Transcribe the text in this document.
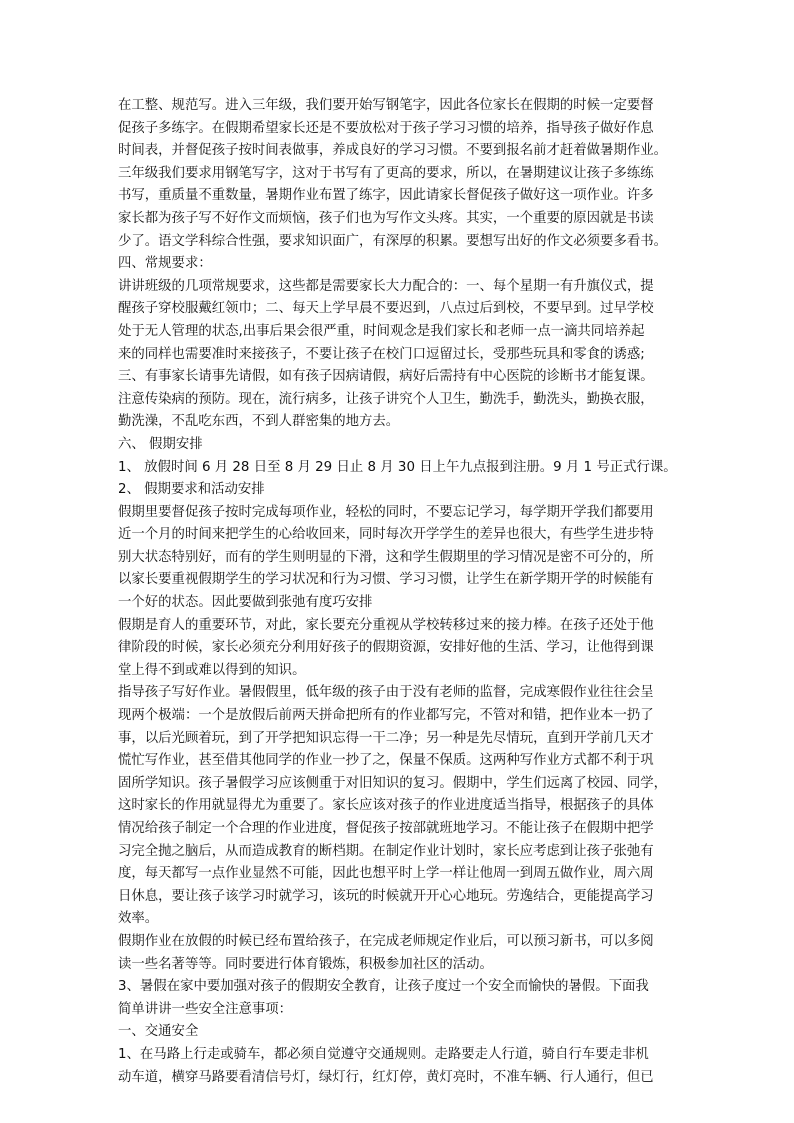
在工整、规范写。进入三年级，我们要开始写钢笔字，因此各位家长在假期的时候一定要督
促孩子多练字。在假期希望家长还是不要放松对于孩子学习习惯的培养，指导孩子做好作息
时间表，并督促孩子按时间表做事，养成良好的学习习惯。不要到报名前才赶着做暑期作业。
三年级我们要求用钢笔写字，这对于书写有了更高的要求，所以，在暑期建议让孩子多练练
书写，重质量不重数量，暑期作业布置了练字，因此请家长督促孩子做好这一项作业。许多
家长都为孩子写不好作文而烦恼，孩子们也为写作文头疼。其实，一个重要的原因就是书读
少了。语文学科综合性强，要求知识面广，有深厚的积累。要想写出好的作文必须要多看书。
四、常规要求：
讲讲班级的几项常规要求，这些都是需要家长大力配合的：一、每个星期一有升旗仪式，提
醒孩子穿校服戴红领巾；二、每天上学早晨不要迟到，八点过后到校，不要早到。过早学校
处于无人管理的状态,出事后果会很严重，时间观念是我们家长和老师一点一滴共同培养起
来的同样也需要准时来接孩子，不要让孩子在校门口逗留过长，受那些玩具和零食的诱惑;
三、有事家长请事先请假，如有孩子因病请假，病好后需持有中心医院的诊断书才能复课。
注意传染病的预防。现在，流行病多，让孩子讲究个人卫生，勤洗手，勤洗头，勤换衣服，
勤洗澡，不乱吃东西，不到人群密集的地方去。
六、 假期安排
1、 放假时间 6 月 28 日至 8 月 29 日止 8 月 30 日上午九点报到注册。9 月 1 号正式行课。
2、 假期要求和活动安排
假期里要督促孩子按时完成每项作业，轻松的同时，不要忘记学习，每学期开学我们都要用
近一个月的时间来把学生的心给收回来，同时每次开学学生的差异也很大，有些学生进步特
别大状态特别好，而有的学生则明显的下滑，这和学生假期里的学习情况是密不可分的，所
以家长要重视假期学生的学习状况和行为习惯、学习习惯，让学生在新学期开学的时候能有
一个好的状态。因此要做到张弛有度巧安排
假期是育人的重要环节，对此，家长要充分重视从学校转移过来的接力棒。在孩子还处于他
律阶段的时候，家长必须充分利用好孩子的假期资源，安排好他的生活、学习，让他得到课
堂上得不到或难以得到的知识。
指导孩子写好作业。暑假假里，低年级的孩子由于没有老师的监督，完成寒假作业往往会呈
现两个极端：一个是放假后前两天拼命把所有的作业都写完，不管对和错，把作业本一扔了
事，以后光顾着玩，到了开学把知识忘得一干二净；另一种是先尽情玩，直到开学前几天才
慌忙写作业，甚至借其他同学的作业一抄了之，保量不保质。这两种写作业方式都不利于巩
固所学知识。孩子暑假学习应该侧重于对旧知识的复习。假期中，学生们远离了校园、同学，
这时家长的作用就显得尤为重要了。家长应该对孩子的作业进度适当指导，根据孩子的具体
情况给孩子制定一个合理的作业进度，督促孩子按部就班地学习。不能让孩子在假期中把学
习完全抛之脑后，从而造成教育的断档期。在制定作业计划时，家长应考虑到让孩子张弛有
度，每天都写一点作业显然不可能，因此也想平时上学一样让他周一到周五做作业，周六周
日休息，要让孩子该学习时就学习，该玩的时候就开开心心地玩。劳逸结合，更能提高学习
效率。
假期作业在放假的时候已经布置给孩子，在完成老师规定作业后，可以预习新书，可以多阅
读一些名著等等。同时要进行体育锻炼，积极参加社区的活动。
3、暑假在家中要加强对孩子的假期安全教育，让孩子度过一个安全而愉快的暑假。下面我
简单讲讲一些安全注意事项：
一、交通安全
1、在马路上行走或骑车，都必须自觉遵守交通规则。走路要走人行道，骑自行车要走非机
动车道，横穿马路要看清信号灯，绿灯行，红灯停，黄灯亮时，不准车辆、行人通行，但已
